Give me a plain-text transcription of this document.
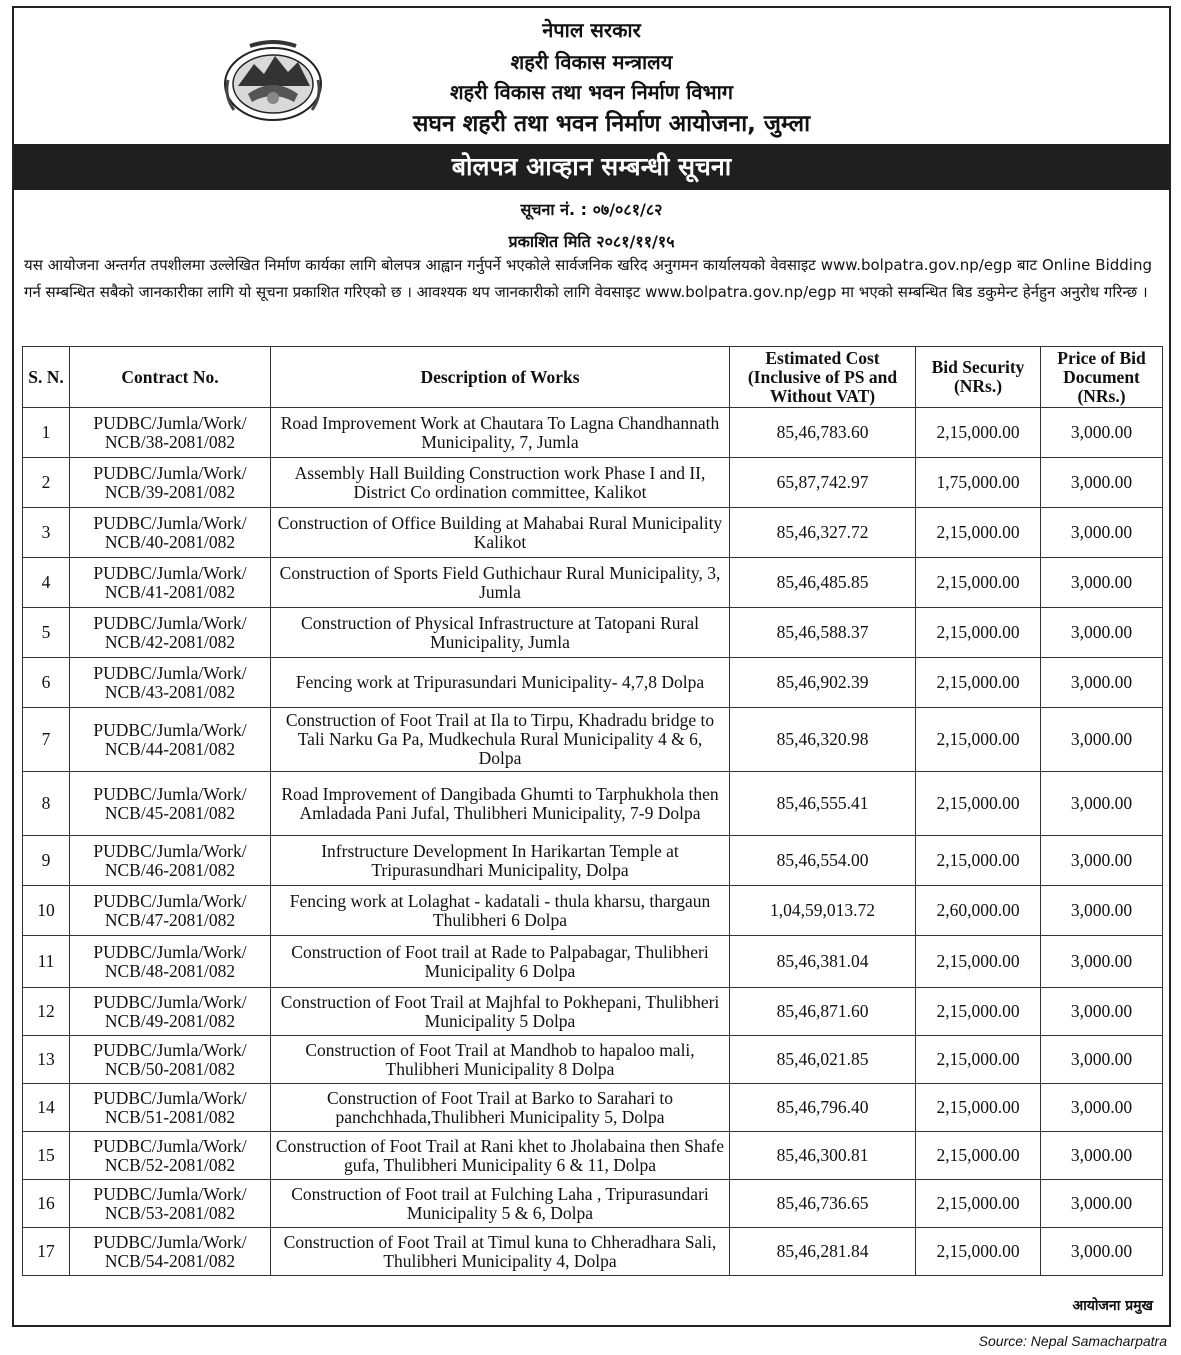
नेपाल सरकार
शहरी विकास मन्त्रालय
शहरी विकास तथा भवन निर्माण विभाग
सघन शहरी तथा भवन निर्माण आयोजना, जुम्ला
बोलपत्र आव्हान सम्बन्धी सूचना
सूचना नं. : ०७/०८१/८२
प्रकाशित मिति २०८१/११/१५
यस आयोजना अन्तर्गत तपशीलमा उल्लेखित निर्माण कार्यका लागि बोलपत्र आह्वान गर्नुपर्ने भएकोले सार्वजनिक खरिद अनुगमन कार्यालयको वेवसाइट www.bolpatra.gov.np/egp बाट Online Bidding गर्न सम्बन्धित सबैको जानकारीका लागि यो सूचना प्रकाशित गरिएको छ । आवश्यक थप जानकारीको लागि वेवसाइट www.bolpatra.gov.np/egp मा भएको सम्बन्धित बिड डकुमेन्ट हेर्नहुन अनुरोध गरिन्छ ।
S. N.	Contract No.	Description of Works	Estimated Cost (Inclusive of PS and Without VAT)	Bid Security (NRs.)	Price of Bid Document (NRs.)
1	PUDBC/Jumla/Work/ NCB/38-2081/082	Road Improvement Work at Chautara To Lagna Chandhannath Municipality, 7, Jumla	85,46,783.60	2,15,000.00	3,000.00
2	PUDBC/Jumla/Work/ NCB/39-2081/082	Assembly Hall Building Construction work Phase I and II, District Co ordination committee, Kalikot	65,87,742.97	1,75,000.00	3,000.00
3	PUDBC/Jumla/Work/ NCB/40-2081/082	Construction of Office Building at Mahabai Rural Municipality Kalikot	85,46,327.72	2,15,000.00	3,000.00
4	PUDBC/Jumla/Work/ NCB/41-2081/082	Construction of Sports Field Guthichaur Rural Municipality, 3, Jumla	85,46,485.85	2,15,000.00	3,000.00
5	PUDBC/Jumla/Work/ NCB/42-2081/082	Construction of Physical Infrastructure at Tatopani Rural Municipality, Jumla	85,46,588.37	2,15,000.00	3,000.00
6	PUDBC/Jumla/Work/ NCB/43-2081/082	Fencing work at Tripurasundari Municipality- 4,7,8 Dolpa	85,46,902.39	2,15,000.00	3,000.00
7	PUDBC/Jumla/Work/ NCB/44-2081/082	Construction of Foot Trail at Ila to Tirpu, Khadradu bridge to Tali Narku Ga Pa, Mudkechula Rural Municipality 4 & 6, Dolpa	85,46,320.98	2,15,000.00	3,000.00
8	PUDBC/Jumla/Work/ NCB/45-2081/082	Road Improvement of Dangibada Ghumti to Tarphukhola then Amladada Pani Jufal, Thulibheri Municipality, 7-9 Dolpa	85,46,555.41	2,15,000.00	3,000.00
9	PUDBC/Jumla/Work/ NCB/46-2081/082	Infrstructure Development In Harikartan Temple at Tripurasundhari Municipality, Dolpa	85,46,554.00	2,15,000.00	3,000.00
10	PUDBC/Jumla/Work/ NCB/47-2081/082	Fencing work at Lolaghat - kadatali - thula kharsu, thargaun Thulibheri 6 Dolpa	1,04,59,013.72	2,60,000.00	3,000.00
11	PUDBC/Jumla/Work/ NCB/48-2081/082	Construction of Foot trail at Rade to Palpabagar, Thulibheri Municipality 6 Dolpa	85,46,381.04	2,15,000.00	3,000.00
12	PUDBC/Jumla/Work/ NCB/49-2081/082	Construction of Foot Trail at Majhfal to Pokhepani, Thulibheri Municipality 5 Dolpa	85,46,871.60	2,15,000.00	3,000.00
13	PUDBC/Jumla/Work/ NCB/50-2081/082	Construction of Foot Trail at Mandhob to hapaloo mali, Thulibheri Municipality 8 Dolpa	85,46,021.85	2,15,000.00	3,000.00
14	PUDBC/Jumla/Work/ NCB/51-2081/082	Construction of Foot Trail at Barko to Sarahari to panchchhada,Thulibheri Municipality 5, Dolpa	85,46,796.40	2,15,000.00	3,000.00
15	PUDBC/Jumla/Work/ NCB/52-2081/082	Construction of Foot Trail at Rani khet to Jholabaina then Shafe gufa, Thulibheri Municipality 6 & 11, Dolpa	85,46,300.81	2,15,000.00	3,000.00
16	PUDBC/Jumla/Work/ NCB/53-2081/082	Construction of Foot trail at Fulching Laha , Tripurasundari Municipality 5 & 6, Dolpa	85,46,736.65	2,15,000.00	3,000.00
17	PUDBC/Jumla/Work/ NCB/54-2081/082	Construction of Foot Trail at Timul kuna to Chheradhara Sali, Thulibheri Municipality 4, Dolpa	85,46,281.84	2,15,000.00	3,000.00
आयोजना प्रमुख
Source: Nepal Samacharpatra
